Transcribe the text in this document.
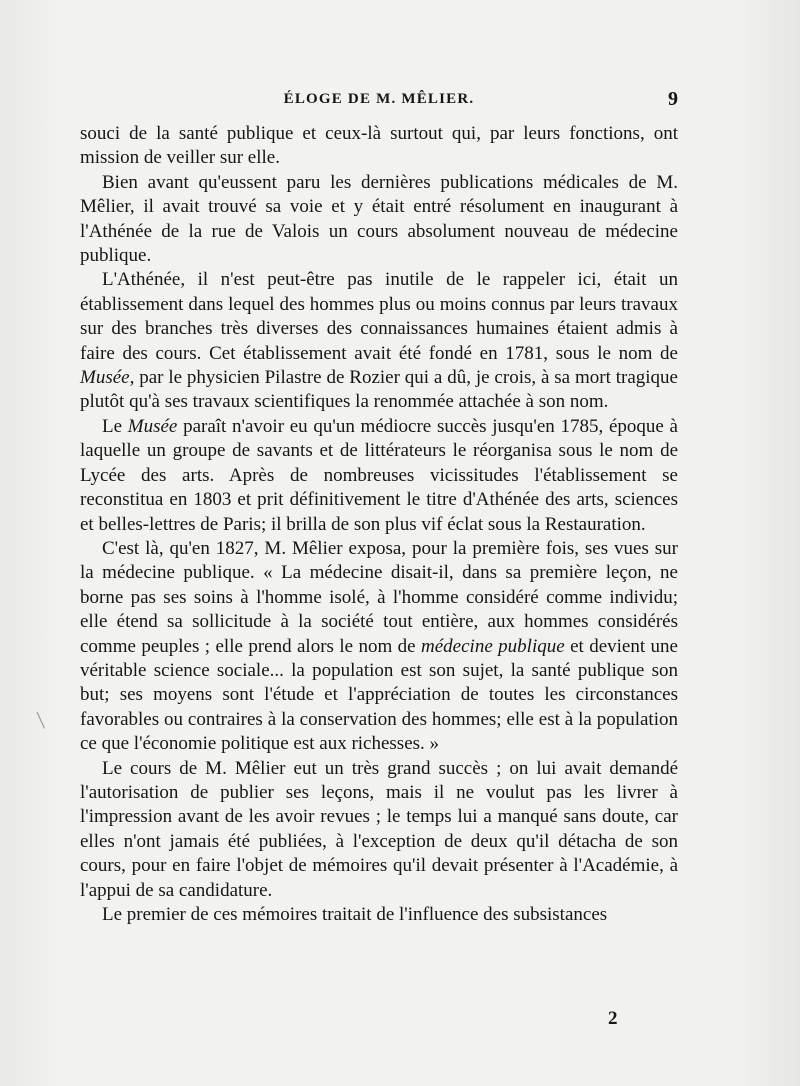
ÉLOGE DE M. MÊLIER.	9

souci de la santé publique et ceux-là surtout qui, par leurs fonctions, ont mission de veiller sur elle.

Bien avant qu'eussent paru les dernières publications médicales de M. Mêlier, il avait trouvé sa voie et y était entré résolument en inaugurant à l'Athénée de la rue de Valois un cours absolument nouveau de médecine publique.

L'Athénée, il n'est peut-être pas inutile de le rappeler ici, était un établissement dans lequel des hommes plus ou moins connus par leurs travaux sur des branches très diverses des connaissances humaines étaient admis à faire des cours. Cet établissement avait été fondé en 1781, sous le nom de Musée, par le physicien Pilastre de Rozier qui a dû, je crois, à sa mort tragique plutôt qu'à ses travaux scientifiques la renommée attachée à son nom.

Le Musée paraît n'avoir eu qu'un médiocre succès jusqu'en 1785, époque à laquelle un groupe de savants et de littérateurs le réorganisa sous le nom de Lycée des arts. Après de nombreuses vicissitudes l'établissement se reconstitua en 1803 et prit définitivement le titre d'Athénée des arts, sciences et belles-lettres de Paris; il brilla de son plus vif éclat sous la Restauration.

C'est là, qu'en 1827, M. Mêlier exposa, pour la première fois, ses vues sur la médecine publique. « La médecine disait-il, dans sa première leçon, ne borne pas ses soins à l'homme isolé, à l'homme considéré comme individu; elle étend sa sollicitude à la société tout entière, aux hommes considérés comme peuples ; elle prend alors le nom de médecine publique et devient une véritable science sociale... la population est son sujet, la santé publique son but; ses moyens sont l'étude et l'appréciation de toutes les circonstances favorables ou contraires à la conservation des hommes; elle est à la population ce que l'économie politique est aux richesses. »

Le cours de M. Mêlier eut un très grand succès ; on lui avait demandé l'autorisation de publier ses leçons, mais il ne voulut pas les livrer à l'impression avant de les avoir revues ; le temps lui a manqué sans doute, car elles n'ont jamais été publiées, à l'exception de deux qu'il détacha de son cours, pour en faire l'objet de mémoires qu'il devait présenter à l'Académie, à l'appui de sa candidature.

Le premier de ces mémoires traitait de l'influence des subsistances

2
